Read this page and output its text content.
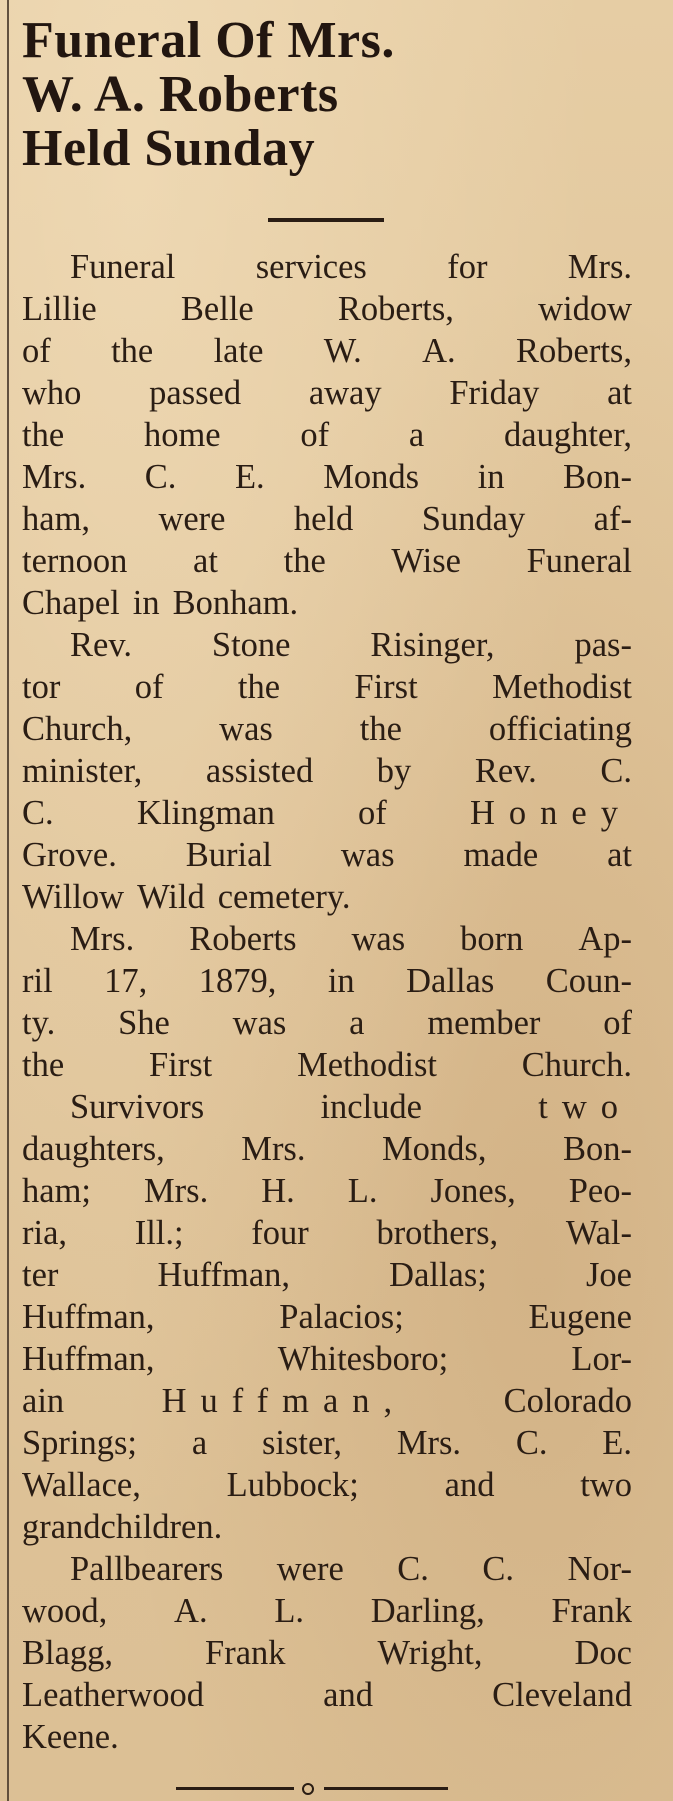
Funeral Of Mrs.
W. A. Roberts
Held Sunday
Funeral services for Mrs.
Lillie Belle Roberts, widow
of the late W. A. Roberts,
who passed away Friday at
the home of a daughter,
Mrs. C. E. Monds in Bon-
ham, were held Sunday af-
ternoon at the Wise Funeral
Chapel in Bonham.
Rev. Stone Risinger, pas-
tor of the First Methodist
Church,	was	the	officiating
minister, assisted by Rev. C.
C. Klingman of Honey
Grove. Burial was made at
Willow Wild cemetery.
Mrs. Roberts was born Ap-
ril 17, 1879, in Dallas Coun-
ty. She was a member of
the First Methodist Church.
Survivors	include	two
daughters, Mrs. Monds, Bon-
ham; Mrs. H. L. Jones, Peo-
ria, Ill.; four brothers, Wal-
ter	Huffman,	Dallas;	Joe
Huffman,	Palacios;	Eugene
Huffman,	Whitesboro;	Lor-
ain	Huffman,	Colorado
Springs; a sister, Mrs. C. E.
Wallace, Lubbock; and two
grandchildren.
Pallbearers were C. C. Nor-
wood, A. L. Darling, Frank
Blagg,	Frank	Wright,	Doc
Leatherwood	and	Cleveland
Keene.
